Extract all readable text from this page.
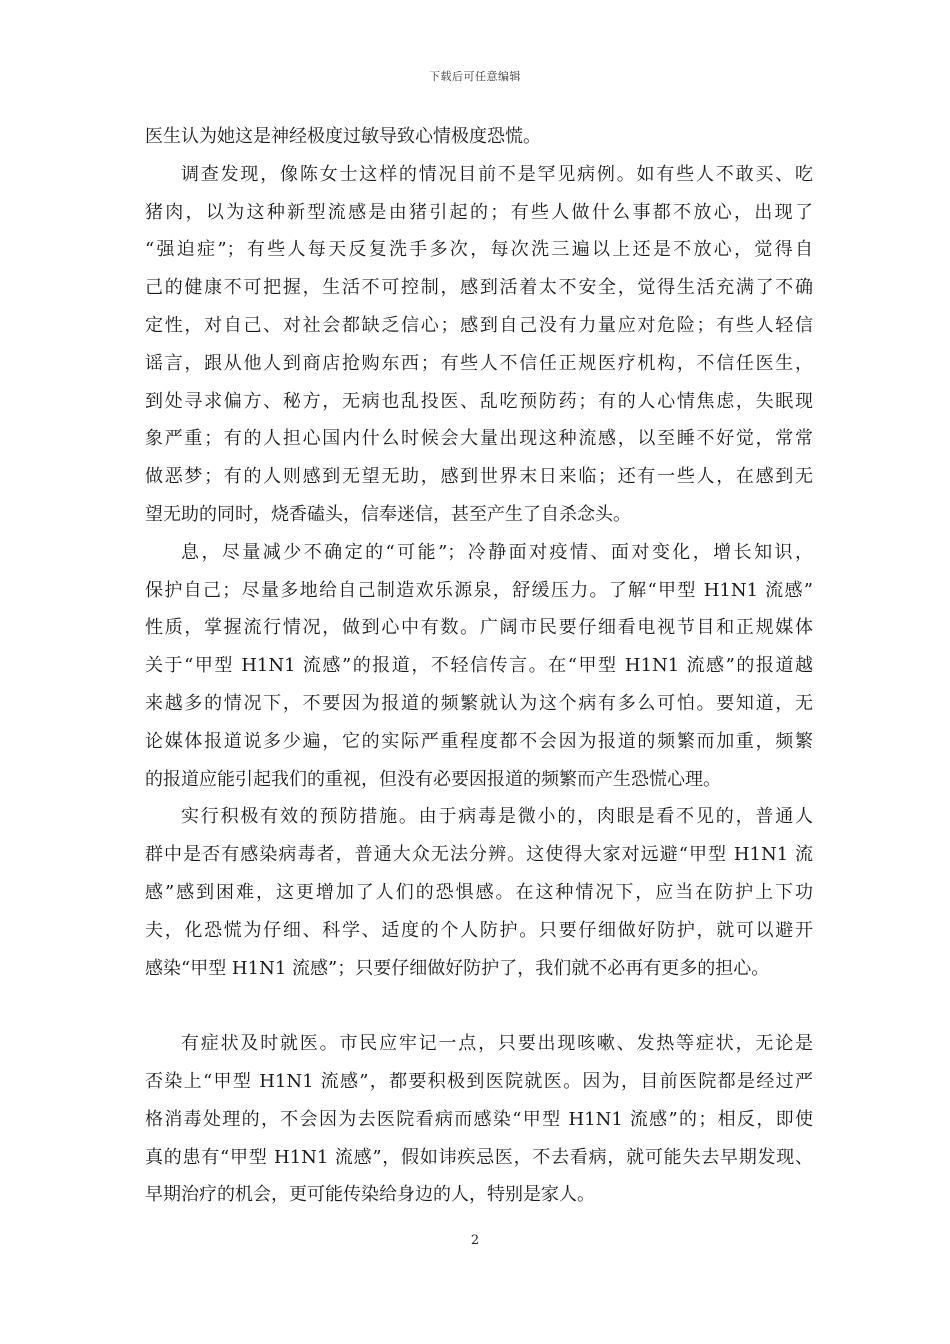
下载后可任意编辑
医生认为她这是神经极度过敏导致心情极度恐慌。
调查发现，像陈女士这样的情况目前不是罕见病例。如有些人不敢买、吃
猪肉，以为这种新型流感是由猪引起的；有些人做什么事都不放心，出现了
“强迫症”；有些人每天反复洗手多次，每次洗三遍以上还是不放心，觉得自
己的健康不可把握，生活不可控制，感到活着太不安全，觉得生活充满了不确
定性，对自己、对社会都缺乏信心；感到自己没有力量应对危险；有些人轻信
谣言，跟从他人到商店抢购东西；有些人不信任正规医疗机构，不信任医生，
到处寻求偏方、秘方，无病也乱投医、乱吃预防药；有的人心情焦虑，失眠现
象严重；有的人担心国内什么时候会大量出现这种流感，以至睡不好觉，常常
做恶梦；有的人则感到无望无助，感到世界末日来临；还有一些人，在感到无
望无助的同时，烧香磕头，信奉迷信，甚至产生了自杀念头。
息，尽量减少不确定的“可能”；冷静面对疫情、面对变化，增长知识，
保护自己；尽量多地给自己制造欢乐源泉，舒缓压力。了解“甲型 H1N1 流感”
性质，掌握流行情况，做到心中有数。广阔市民要仔细看电视节目和正规媒体
关于“甲型 H1N1 流感”的报道，不轻信传言。在“甲型 H1N1 流感”的报道越
来越多的情况下，不要因为报道的频繁就认为这个病有多么可怕。要知道，无
论媒体报道说多少遍，它的实际严重程度都不会因为报道的频繁而加重，频繁
的报道应能引起我们的重视，但没有必要因报道的频繁而产生恐慌心理。
实行积极有效的预防措施。由于病毒是微小的，肉眼是看不见的，普通人
群中是否有感染病毒者，普通大众无法分辨。这使得大家对远避“甲型 H1N1 流
感”感到困难，这更增加了人们的恐惧感。在这种情况下，应当在防护上下功
夫，化恐慌为仔细、科学、适度的个人防护。只要仔细做好防护，就可以避开
感染“甲型 H1N1 流感”；只要仔细做好防护了，我们就不必再有更多的担心。
有症状及时就医。市民应牢记一点，只要出现咳嗽、发热等症状，无论是
否染上“甲型 H1N1 流感”，都要积极到医院就医。因为，目前医院都是经过严
格消毒处理的，不会因为去医院看病而感染“甲型 H1N1 流感”的；相反，即使
真的患有“甲型 H1N1 流感”，假如讳疾忌医，不去看病，就可能失去早期发现、
早期治疗的机会，更可能传染给身边的人，特别是家人。
2
